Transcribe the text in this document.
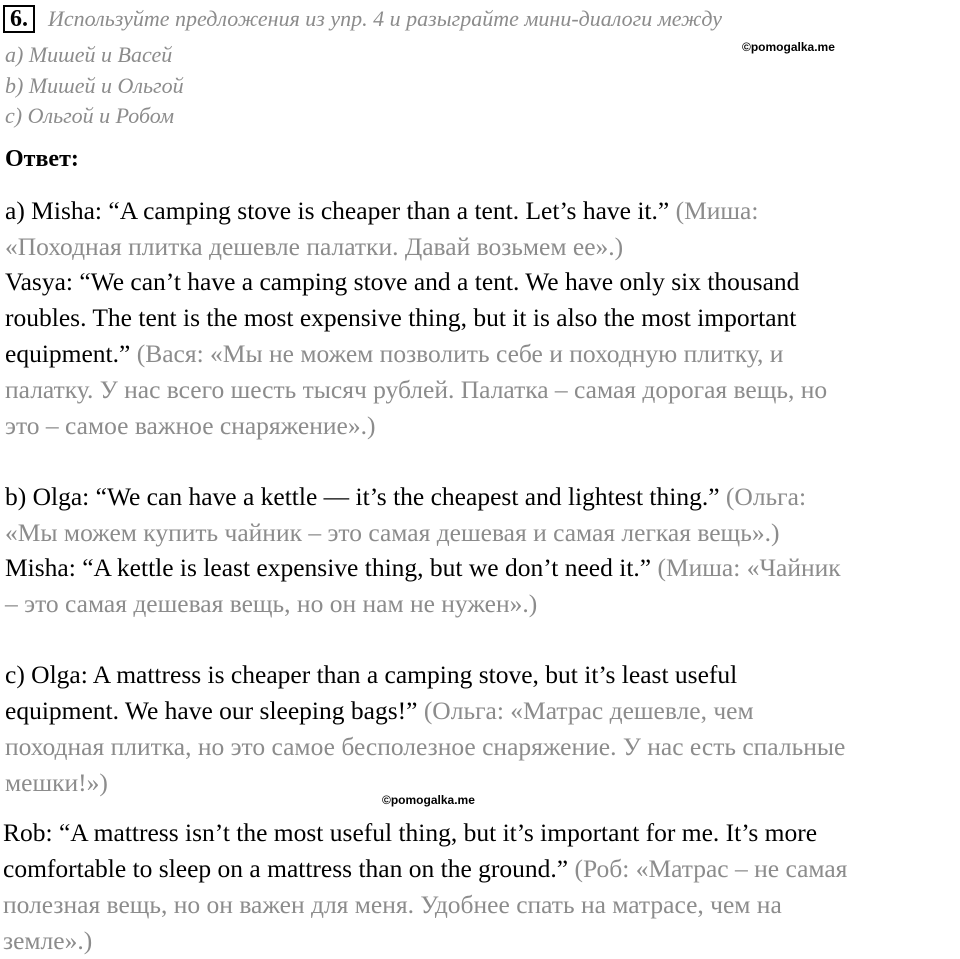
6. Используйте предложения из упр. 4 и разыграйте мини-диалоги между
a) Мишей и Васей
b) Мишей и Ольгой
c) Ольгой и Робом
©pomogalka.me
Ответ:
©pomogalka.me
a) Misha: “A camping stove is cheaper than a tent. Let’s have it.” (Миша:
«Походная плитка дешевле палатки. Давай возьмем ее».)
Vasya: “We can’t have a camping stove and a tent. We have only six thousand
roubles. The tent is the most expensive thing, but it is also the most important
equipment.” (Вася: «Мы не можем позволить себе и походную плитку, и
палатку. У нас всего шесть тысяч рублей. Палатка – самая дорогая вещь, но
это – самое важное снаряжение».)
b) Olga: “We can have a kettle — it’s the cheapest and lightest thing.” (Ольга:
«Мы можем купить чайник – это самая дешевая и самая легкая вещь».)
Misha: “A kettle is least expensive thing, but we don’t need it.” (Миша: «Чайник
– это самая дешевая вещь, но он нам не нужен».)
c) Olga: A mattress is cheaper than a camping stove, but it’s least useful
equipment. We have our sleeping bags!” (Ольга: «Матрас дешевле, чем
походная плитка, но это самое бесполезное снаряжение. У нас есть спальные
мешки!»)
Rob: “A mattress isn’t the most useful thing, but it’s important for me. It’s more
comfortable to sleep on a mattress than on the ground.” (Роб: «Матрас – не самая
полезная вещь, но он важен для меня. Удобнее спать на матрасе, чем на
земле».)
